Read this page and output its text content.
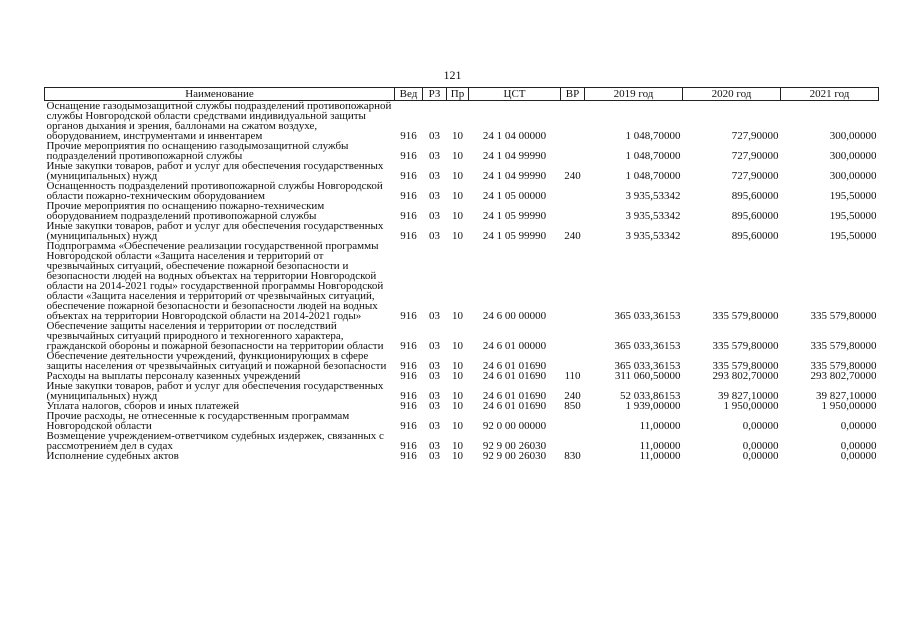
121
Наименование	Вед	РЗ	Пр	ЦСТ	ВР	2019 год	2020 год	2021 год
Оснащение газодымозащитной службы подразделений противопожарной службы Новгородской области средствами индивидуальной защиты органов дыхания и зрения, баллонами на сжатом воздухе, оборудованием, инструментами и инвентарем	916	03	10	24 1 04 00000		1 048,70000	727,90000	300,00000
Прочие мероприятия по оснащению газодымозащитной службы подразделений противопожарной службы	916	03	10	24 1 04 99990		1 048,70000	727,90000	300,00000
Иные закупки товаров, работ и услуг для обеспечения государственных (муниципальных) нужд	916	03	10	24 1 04 99990	240	1 048,70000	727,90000	300,00000
Оснащенность подразделений противопожарной службы Новгородской области пожарно-техническим оборудованием	916	03	10	24 1 05 00000		3 935,53342	895,60000	195,50000
Прочие мероприятия по оснащению пожарно-техническим оборудованием подразделений противопожарной службы	916	03	10	24 1 05 99990		3 935,53342	895,60000	195,50000
Иные закупки товаров, работ и услуг для обеспечения государственных (муниципальных) нужд	916	03	10	24 1 05 99990	240	3 935,53342	895,60000	195,50000
Подпрограмма «Обеспечение реализации государственной программы Новгородской области «Защита населения и территорий от чрезвычайных ситуаций, обеспечение пожарной безопасности и безопасности людей на водных объектах на территории Новгородской области на 2014-2021 годы» государственной программы Новгородской области «Защита населения и территорий от чрезвычайных ситуаций, обеспечение пожарной безопасности и безопасности людей на водных объектах на территории Новгородской области на 2014-2021 годы»	916	03	10	24 6 00 00000		365 033,36153	335 579,80000	335 579,80000
Обеспечение защиты населения и территории от последствий чрезвычайных ситуаций природного и техногенного характера, гражданской обороны и пожарной безопасности на территории области	916	03	10	24 6 01 00000		365 033,36153	335 579,80000	335 579,80000
Обеспечение деятельности учреждений, функционирующих в сфере защиты населения от чрезвычайных ситуаций и пожарной безопасности	916	03	10	24 6 01 01690		365 033,36153	335 579,80000	335 579,80000
Расходы на выплаты персоналу казенных учреждений	916	03	10	24 6 01 01690	110	311 060,50000	293 802,70000	293 802,70000
Иные закупки товаров, работ и услуг для обеспечения государственных (муниципальных) нужд	916	03	10	24 6 01 01690	240	52 033,86153	39 827,10000	39 827,10000
Уплата налогов, сборов и иных платежей	916	03	10	24 6 01 01690	850	1 939,00000	1 950,00000	1 950,00000
Прочие расходы, не отнесенные к государственным программам Новгородской области	916	03	10	92 0 00 00000		11,00000	0,00000	0,00000
Возмещение учреждением-ответчиком судебных издержек, связанных с рассмотрением дел в судах	916	03	10	92 9 00 26030		11,00000	0,00000	0,00000
Исполнение судебных актов	916	03	10	92 9 00 26030	830	11,00000	0,00000	0,00000
